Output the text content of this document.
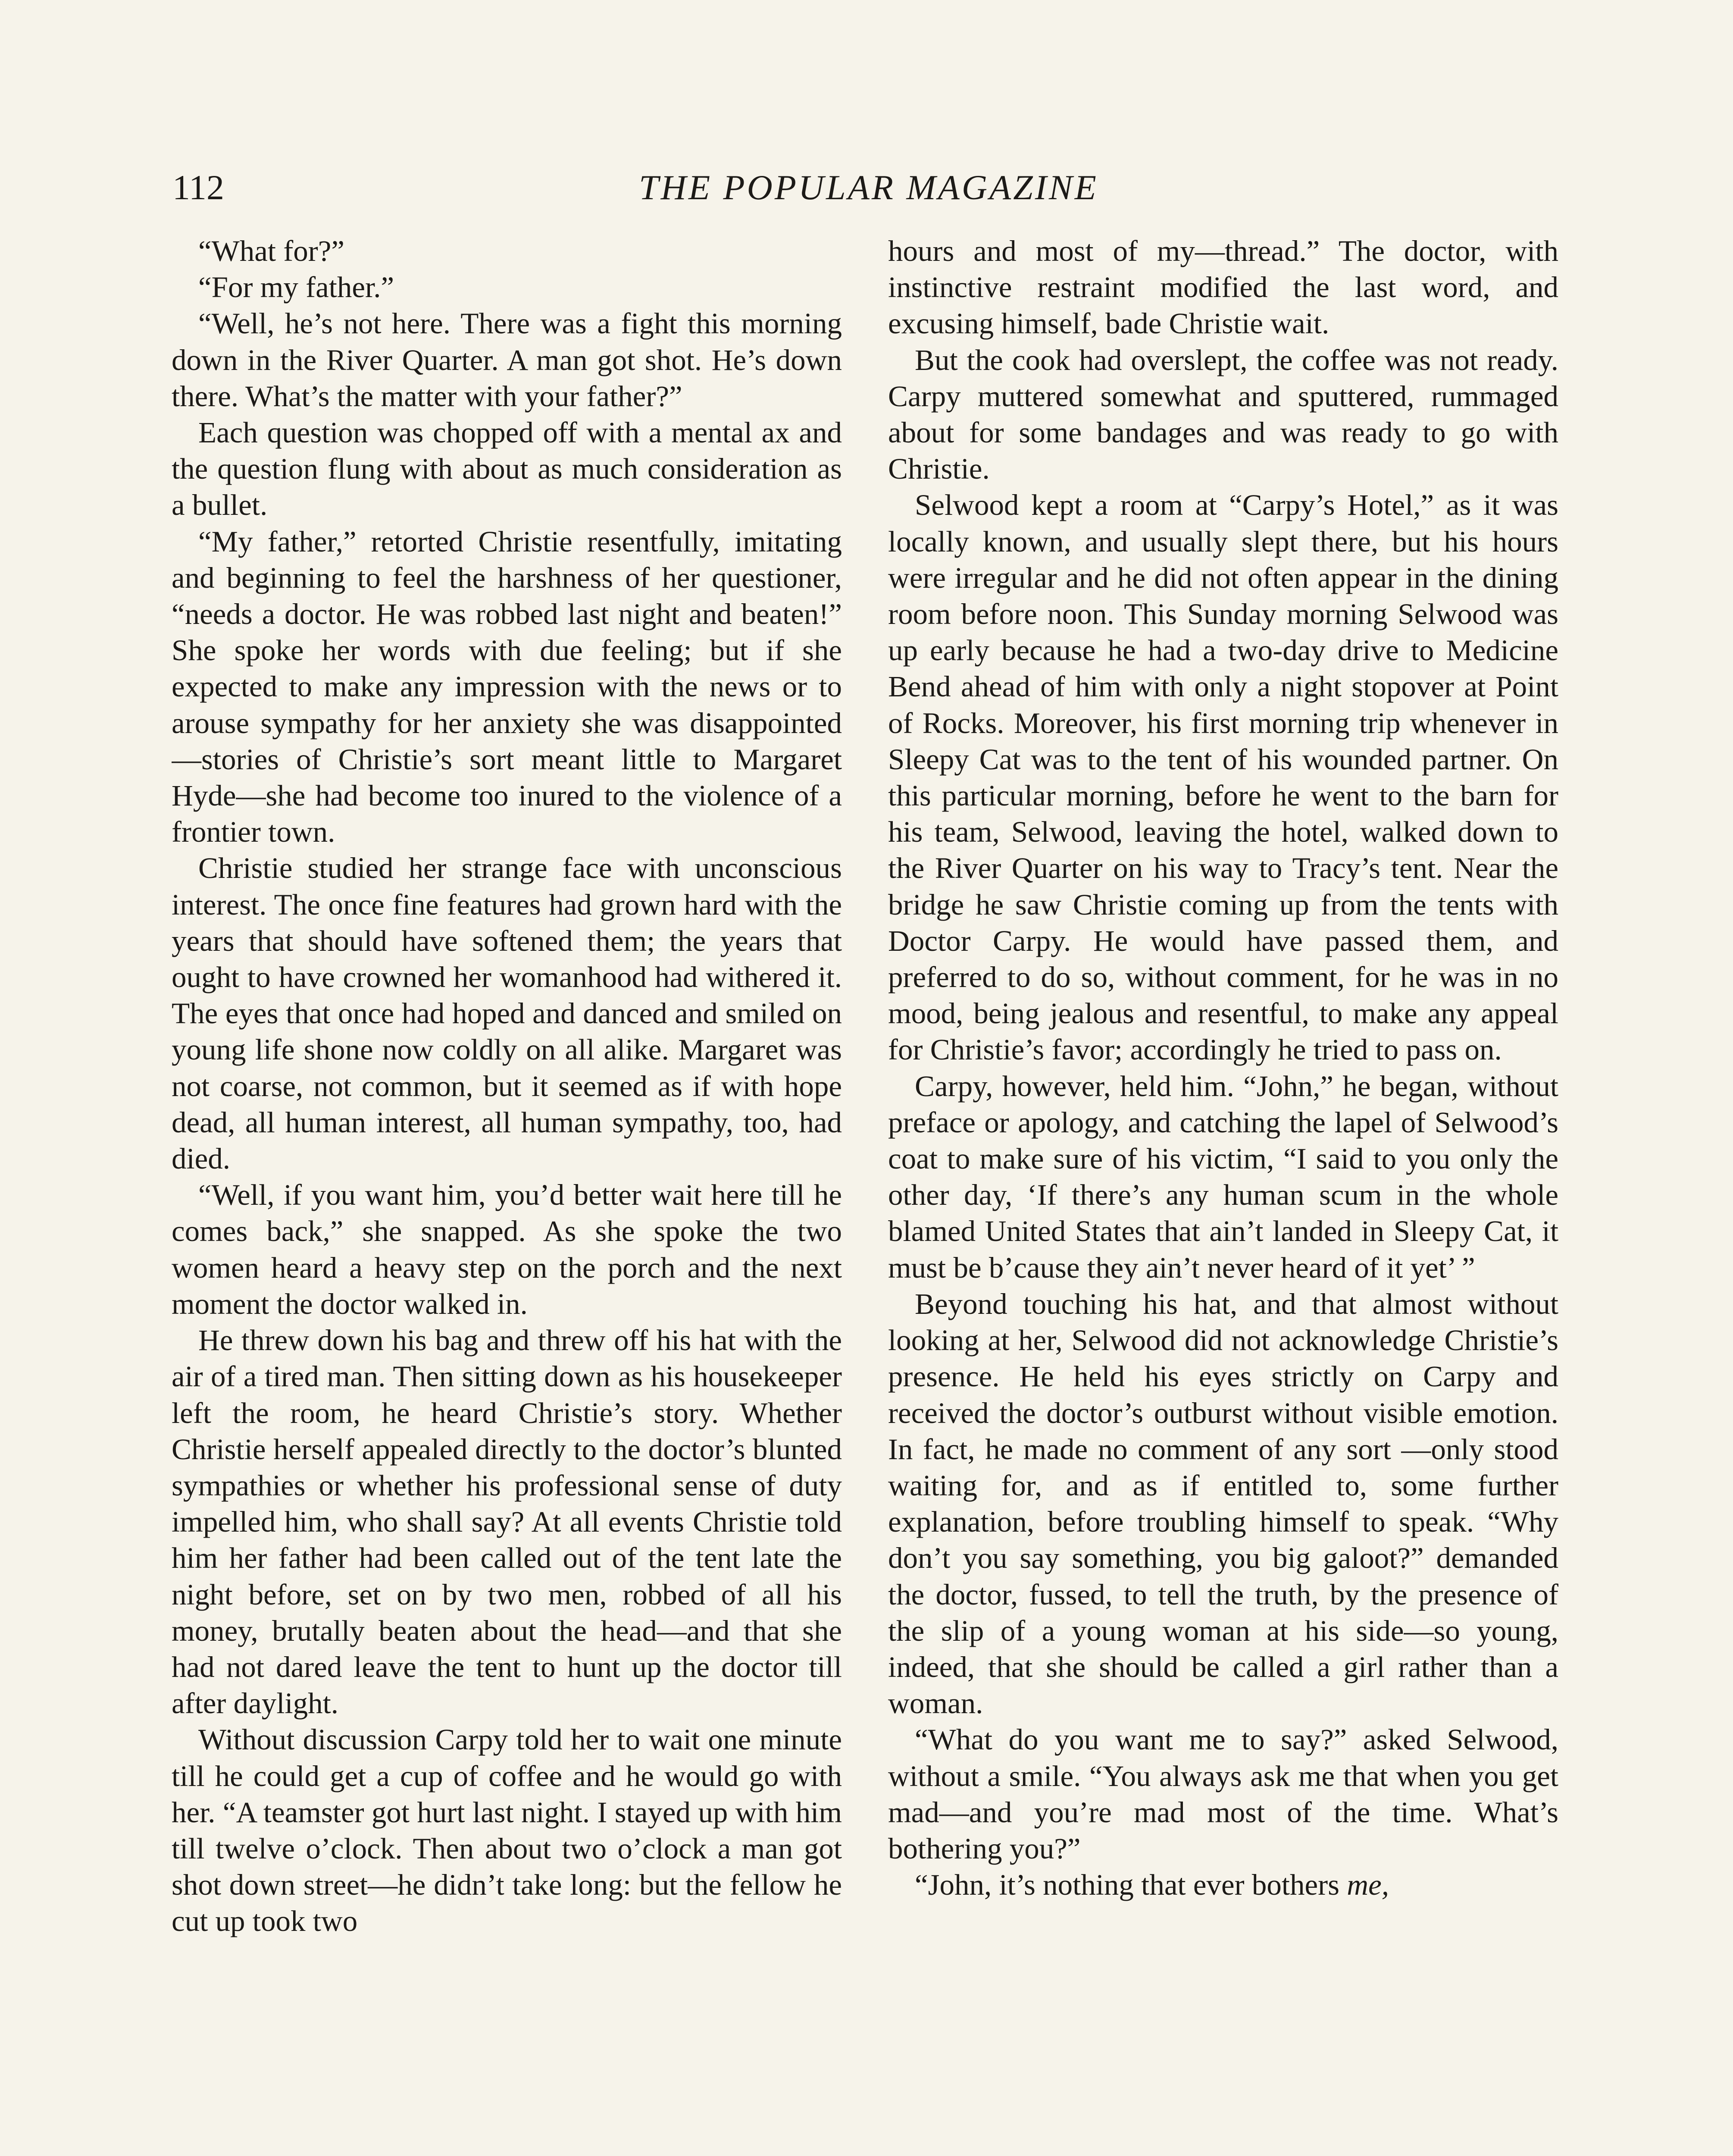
112	THE POPULAR MAGAZINE

“What for?”

“For my father.”

“Well, he’s not here. There was a fight this morning down in the River Quarter. A man got shot. He’s down there. What’s the matter with your father?”

Each question was chopped off with a mental ax and the question flung with about as much consideration as a bullet.

“My father,” retorted Christie resentfully, imitating and beginning to feel the harshness of her questioner, “needs a doctor. He was robbed last night and beaten!” She spoke her words with due feeling; but if she expected to make any impression with the news or to arouse sympathy for her anxiety she was disappointed—stories of Christie’s sort meant little to Margaret Hyde—she had become too inured to the violence of a frontier town.

Christie studied her strange face with unconscious interest. The once fine features had grown hard with the years that should have softened them; the years that ought to have crowned her womanhood had withered it. The eyes that once had hoped and danced and smiled on young life shone now coldly on all alike. Margaret was not coarse, not common, but it seemed as if with hope dead, all human interest, all human sympathy, too, had died.

“Well, if you want him, you’d better wait here till he comes back,” she snapped. As she spoke the two women heard a heavy step on the porch and the next moment the doctor walked in.

He threw down his bag and threw off his hat with the air of a tired man. Then sitting down as his housekeeper left the room, he heard Christie’s story. Whether Christie herself appealed directly to the doctor’s blunted sympathies or whether his professional sense of duty impelled him, who shall say? At all events Christie told him her father had been called out of the tent late the night before, set on by two men, robbed of all his money, brutally beaten about the head—and that she had not dared leave the tent to hunt up the doctor till after daylight.

Without discussion Carpy told her to wait one minute till he could get a cup of coffee and he would go with her. “A teamster got hurt last night. I stayed up with him till twelve o’clock. Then about two o’clock a man got shot down street—he didn’t take long: but the fellow he cut up took two

hours and most of my—thread.” The doctor, with instinctive restraint modified the last word, and excusing himself, bade Christie wait.

But the cook had overslept, the coffee was not ready. Carpy muttered somewhat and sputtered, rummaged about for some bandages and was ready to go with Christie.

Selwood kept a room at “Carpy’s Hotel,” as it was locally known, and usually slept there, but his hours were irregular and he did not often appear in the dining room before noon. This Sunday morning Selwood was up early because he had a two-day drive to Medicine Bend ahead of him with only a night stopover at Point of Rocks. Moreover, his first morning trip whenever in Sleepy Cat was to the tent of his wounded partner. On this particular morning, before he went to the barn for his team, Selwood, leaving the hotel, walked down to the River Quarter on his way to Tracy’s tent. Near the bridge he saw Christie coming up from the tents with Doctor Carpy. He would have passed them, and preferred to do so, without comment, for he was in no mood, being jealous and resentful, to make any appeal for Christie’s favor; accordingly he tried to pass on.

Carpy, however, held him. “John,” he began, without preface or apology, and catching the lapel of Selwood’s coat to make sure of his victim, “I said to you only the other day, ‘If there’s any human scum in the whole blamed United States that ain’t landed in Sleepy Cat, it must be b’cause they ain’t never heard of it yet’ ”

Beyond touching his hat, and that almost without looking at her, Selwood did not acknowledge Christie’s presence. He held his eyes strictly on Carpy and received the doctor’s outburst without visible emotion. In fact, he made no comment of any sort —only stood waiting for, and as if entitled to, some further explanation, before troubling himself to speak. “Why don’t you say something, you big galoot?” demanded the doctor, fussed, to tell the truth, by the presence of the slip of a young woman at his side—so young, indeed, that she should be called a girl rather than a woman.

“What do you want me to say?” asked Selwood, without a smile. “You always ask me that when you get mad—and you’re mad most of the time. What’s bothering you?”

“John, it’s nothing that ever bothers me,
